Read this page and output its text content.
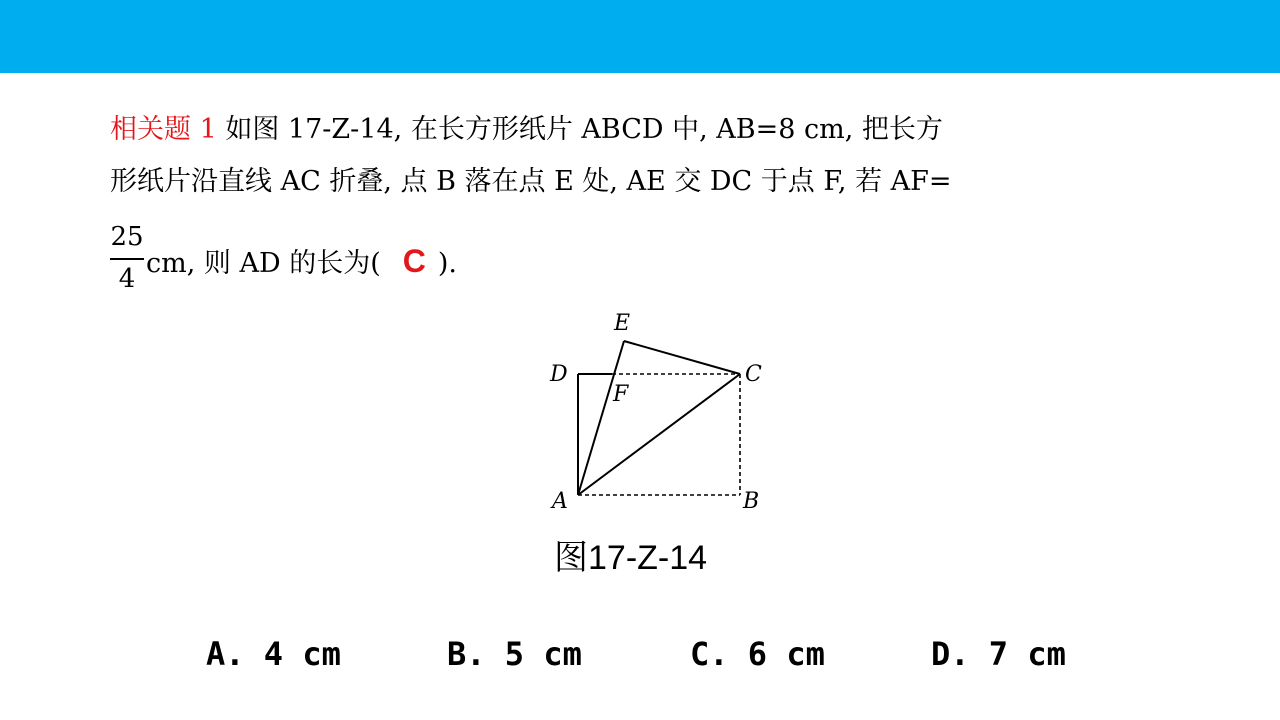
相关题 1 如图 17-Z-14, 在长方形纸片 ABCD 中, AB=8 cm, 把长方
形纸片沿直线 AC 折叠, 点 B 落在点 E 处, AE 交 DC 于点 F, 若 AF=
25
4 cm, 则 AD 的长为( C ).
E
D	C
F
A	B
图17-Z-14
A. 4 cm	B. 5 cm	C. 6 cm	D. 7 cm
